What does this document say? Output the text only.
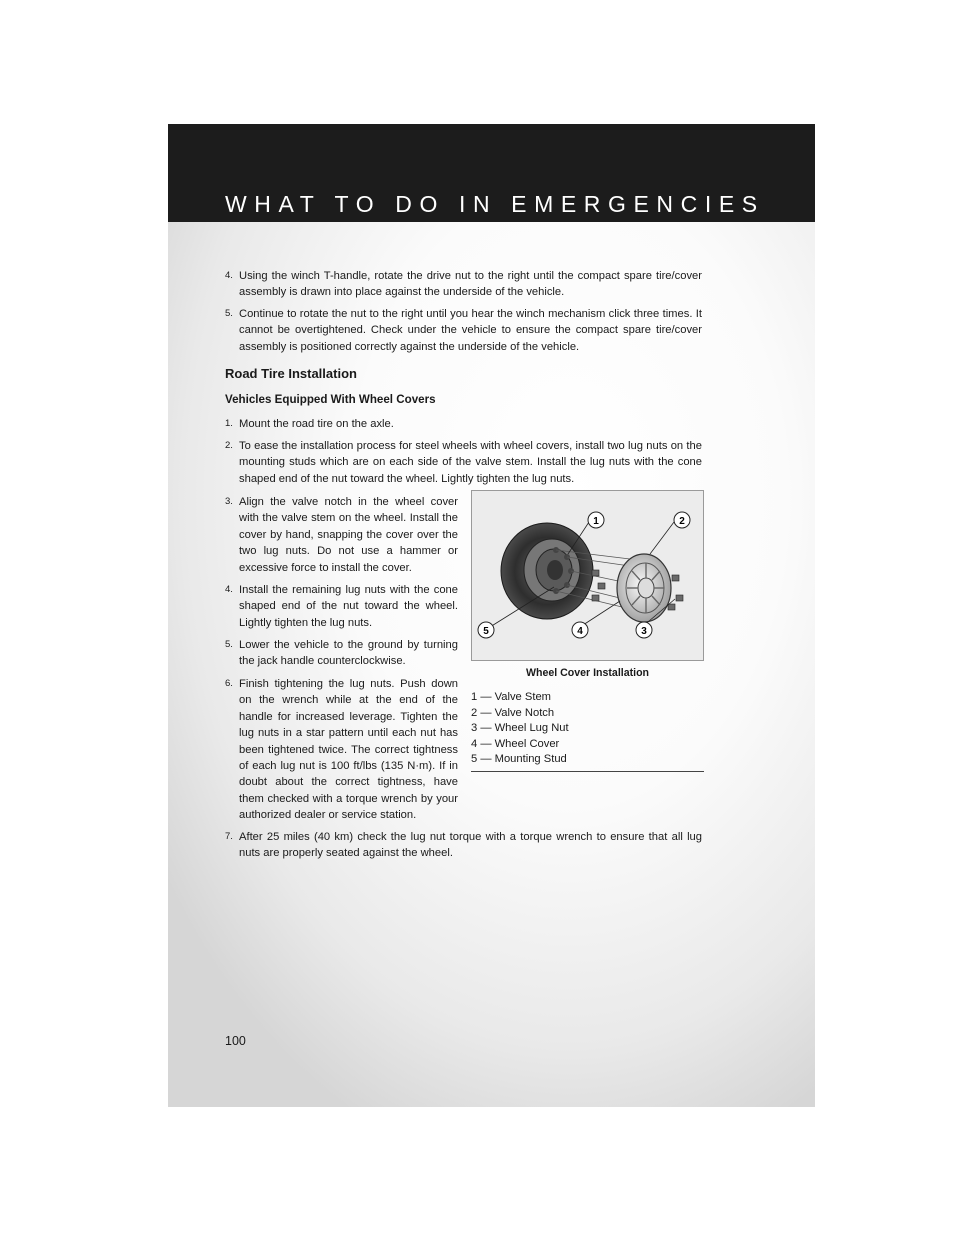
WHAT TO DO IN EMERGENCIES
4. Using the winch T-handle, rotate the drive nut to the right until the compact spare tire/cover assembly is drawn into place against the underside of the vehicle.
5. Continue to rotate the nut to the right until you hear the winch mechanism click three times. It cannot be overtightened. Check under the vehicle to ensure the compact spare tire/cover assembly is positioned correctly against the underside of the vehicle.
Road Tire Installation
Vehicles Equipped With Wheel Covers
1. Mount the road tire on the axle.
2. To ease the installation process for steel wheels with wheel covers, install two lug nuts on the mounting studs which are on each side of the valve stem. Install the lug nuts with the cone shaped end of the nut toward the wheel. Lightly tighten the lug nuts.
3. Align the valve notch in the wheel cover with the valve stem on the wheel. Install the cover by hand, snapping the cover over the two lug nuts. Do not use a hammer or excessive force to install the cover.
4. Install the remaining lug nuts with the cone shaped end of the nut toward the wheel. Lightly tighten the lug nuts.
5. Lower the vehicle to the ground by turning the jack handle counterclockwise.
6. Finish tightening the lug nuts. Push down on the wrench while at the end of the handle for increased leverage. Tighten the lug nuts in a star pattern until each nut has been tightened twice. The correct tightness of each lug nut is 100 ft/lbs (135 N·m). If in doubt about the correct tightness, have them checked with a torque wrench by your authorized dealer or service station.
7. After 25 miles (40 km) check the lug nut torque with a torque wrench to ensure that all lug nuts are properly seated against the wheel.
1	2
3
4
5
Wheel Cover Installation
1 — Valve Stem
2 — Valve Notch
3 — Wheel Lug Nut
4 — Wheel Cover
5 — Mounting Stud
100
